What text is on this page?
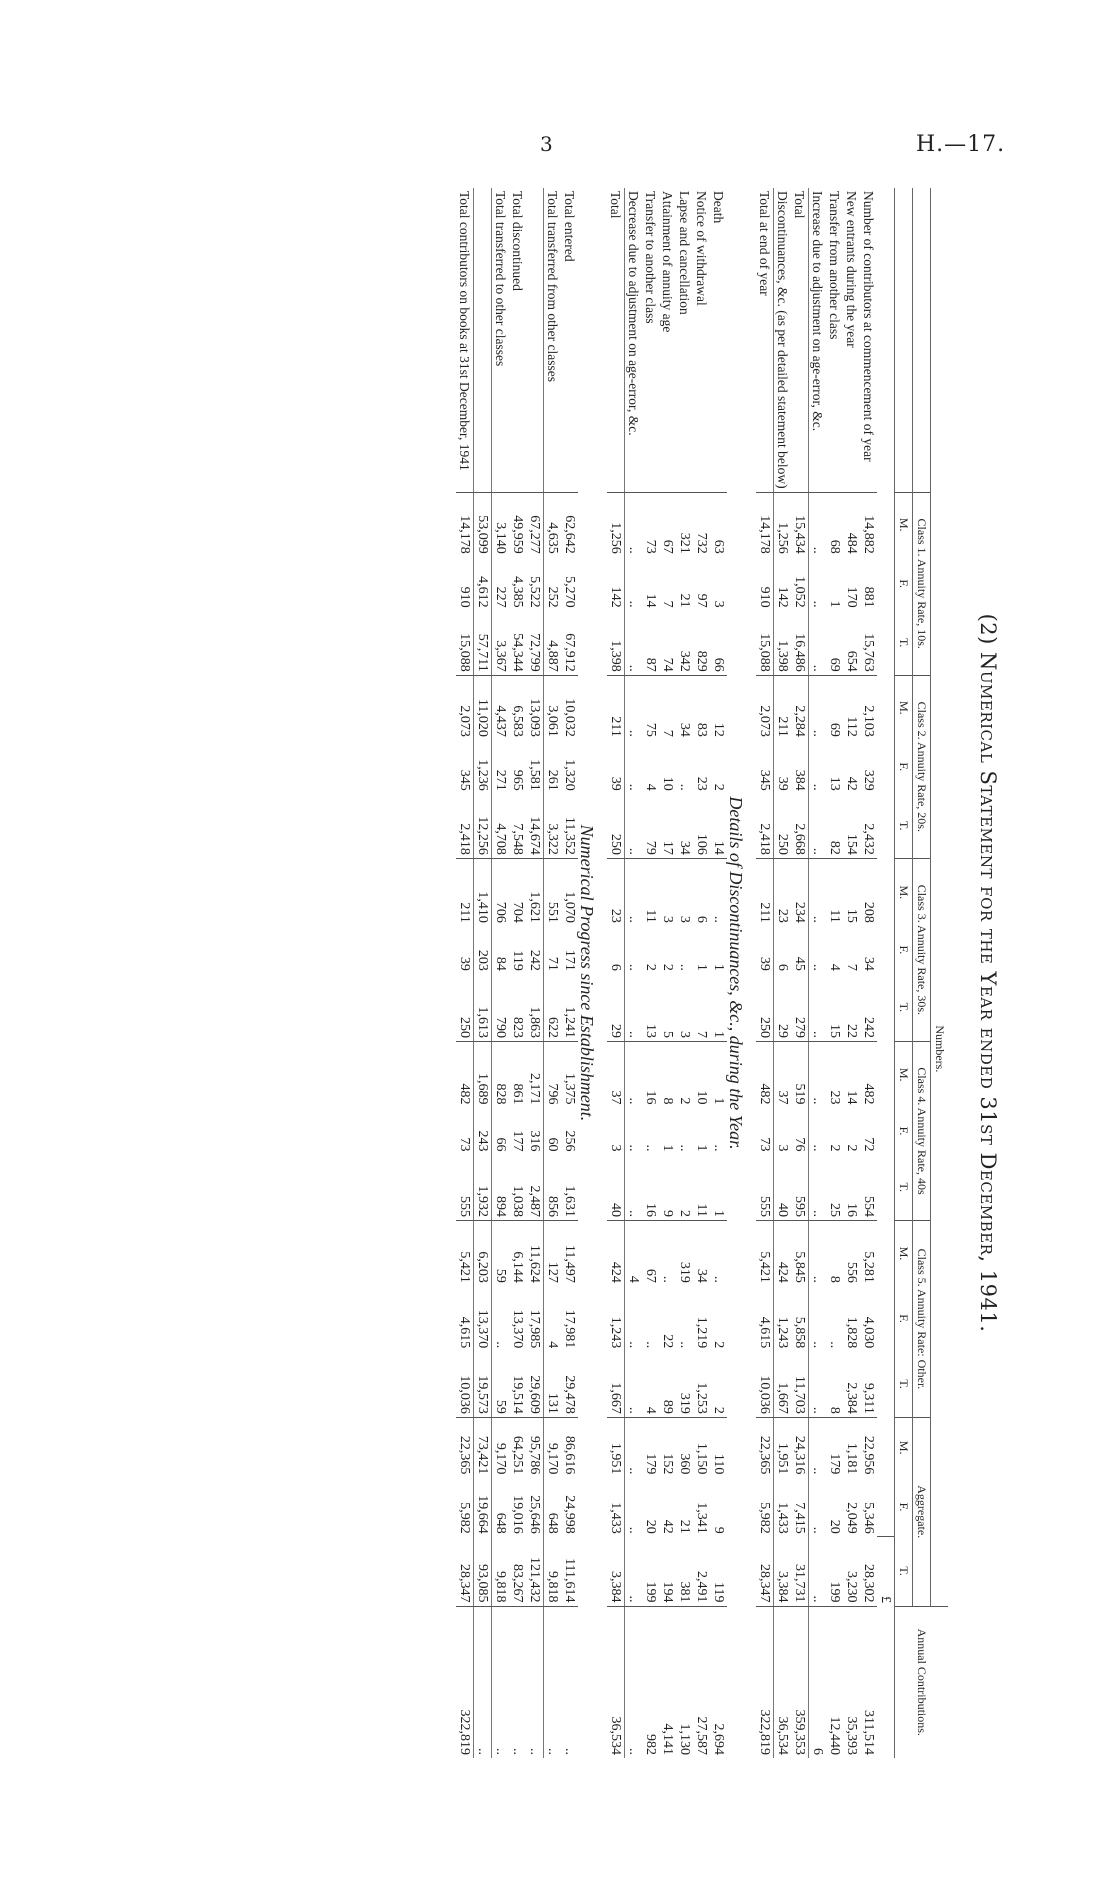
3	H.—17.
(2) Numerical Statement for the Year ended 31st December, 1941.
	Numbers.																		Annual Contributions.
	Class 1. Annuity Rate, 10s.			Class 2. Annuity Rate, 20s.			Class 3. Annuity Rate, 30s.			Class 4. Annuity Rate, 40s			Class 5. Annuity Rate: Other.			Aggregate.			
	M.	F.	T.	M.	F.	T.	M.	F.	T.	M.	F.	T.	M.	F.	T.	M.	F.	T.	
																		£	
Number of contributors at commencement of year	14,882	881	15,763	2,103	329	2,432	208	34	242	482	72	554	5,281	4,030	9,311	22,956	5,346	28,302	311,514
New entrants during the year	484	170	654	112	42	154	15	7	22	14	2	16	556	1,828	2,384	1,181	2,049	3,230	35,393
Transfer from another class	68	1	69	69	13	82	11	4	15	23	2	25	8	..	8	179	20	199	12,440
Increase due to adjustment on age-error, &c.	..	..	..	..	..	..	..	..	..	..	..	..	..	..	..	..	..	..	6
Total	15,434	1,052	16,486	2,284	384	2,668	234	45	279	519	76	595	5,845	5,858	11,703	24,316	7,415	31,731	359,353
Discontinuances, &c. (as per detailed statement below)	1,256	142	1,398	211	39	250	23	6	29	37	3	40	424	1,243	1,667	1,951	1,433	3,384	36,534
Total at end of year	14,178	910	15,088	2,073	345	2,418	211	39	250	482	73	555	5,421	4,615	10,036	22,365	5,982	28,347	322,819

Details of Discontinuances, &c., during the Year.																			
Death	63	3	66	12	2	14	..	1	1	1	..	1	..	2	2	110	9	119	2,694
Notice of withdrawal	732	97	829	83	23	106	6	1	7	10	1	11	34	1,219	1,253	1,150	1,341	2,491	27,587
Lapse and cancellation	321	21	342	34	..	34	3	..	3	2	..	2	319	..	319	360	21	381	1,130
Attainment of annuity age	67	7	74	7	10	17	3	2	5	8	1	9	..	22	89	152	42	194	4,141
Transfer to another class	73	14	87	75	4	79	11	2	13	16	..	16	67	..	4	179	20	199	982
Decrease due to adjustment on age-error, &c.	..	..	..	..	..	..	..	..	..	..	..	..	4	..	..	..	..	..	..
Total	1,256	142	1,398	211	39	250	23	6	29	37	3	40	424	1,243	1,667	1,951	1,433	3,384	36,534

Numerical Progress since Establishment.																			
Total entered	62,642	5,270	67,912	10,032	1,320	11,352	1,070	171	1,241	1,375	256	1,631	11,497	17,981	29,478	86,616	24,998	111,614	..
Total transferred from other classes	4,635	252	4,887	3,061	261	3,322	551	71	622	796	60	856	127	4	131	9,170	648	9,818	..
	67,277	5,522	72,799	13,093	1,581	14,674	1,621	242	1,863	2,171	316	2,487	11,624	17,985	29,609	95,786	25,646	121,432	..
Total discontinued	49,959	4,385	54,344	6,583	965	7,548	704	119	823	861	177	1,038	6,144	13,370	19,514	64,251	19,016	83,267	..
Total transferred to other classes	3,140	227	3,367	4,437	271	4,708	706	84	790	828	66	894	59	..	59	9,170	648	9,818	..
	53,099	4,612	57,711	11,020	1,236	12,256	1,410	203	1,613	1,689	243	1,932	6,203	13,370	19,573	73,421	19,664	93,085	..
Total contributors on books at 31st December, 1941	14,178	910	15,088	2,073	345	2,418	211	39	250	482	73	555	5,421	4,615	10,036	22,365	5,982	28,347	322,819
